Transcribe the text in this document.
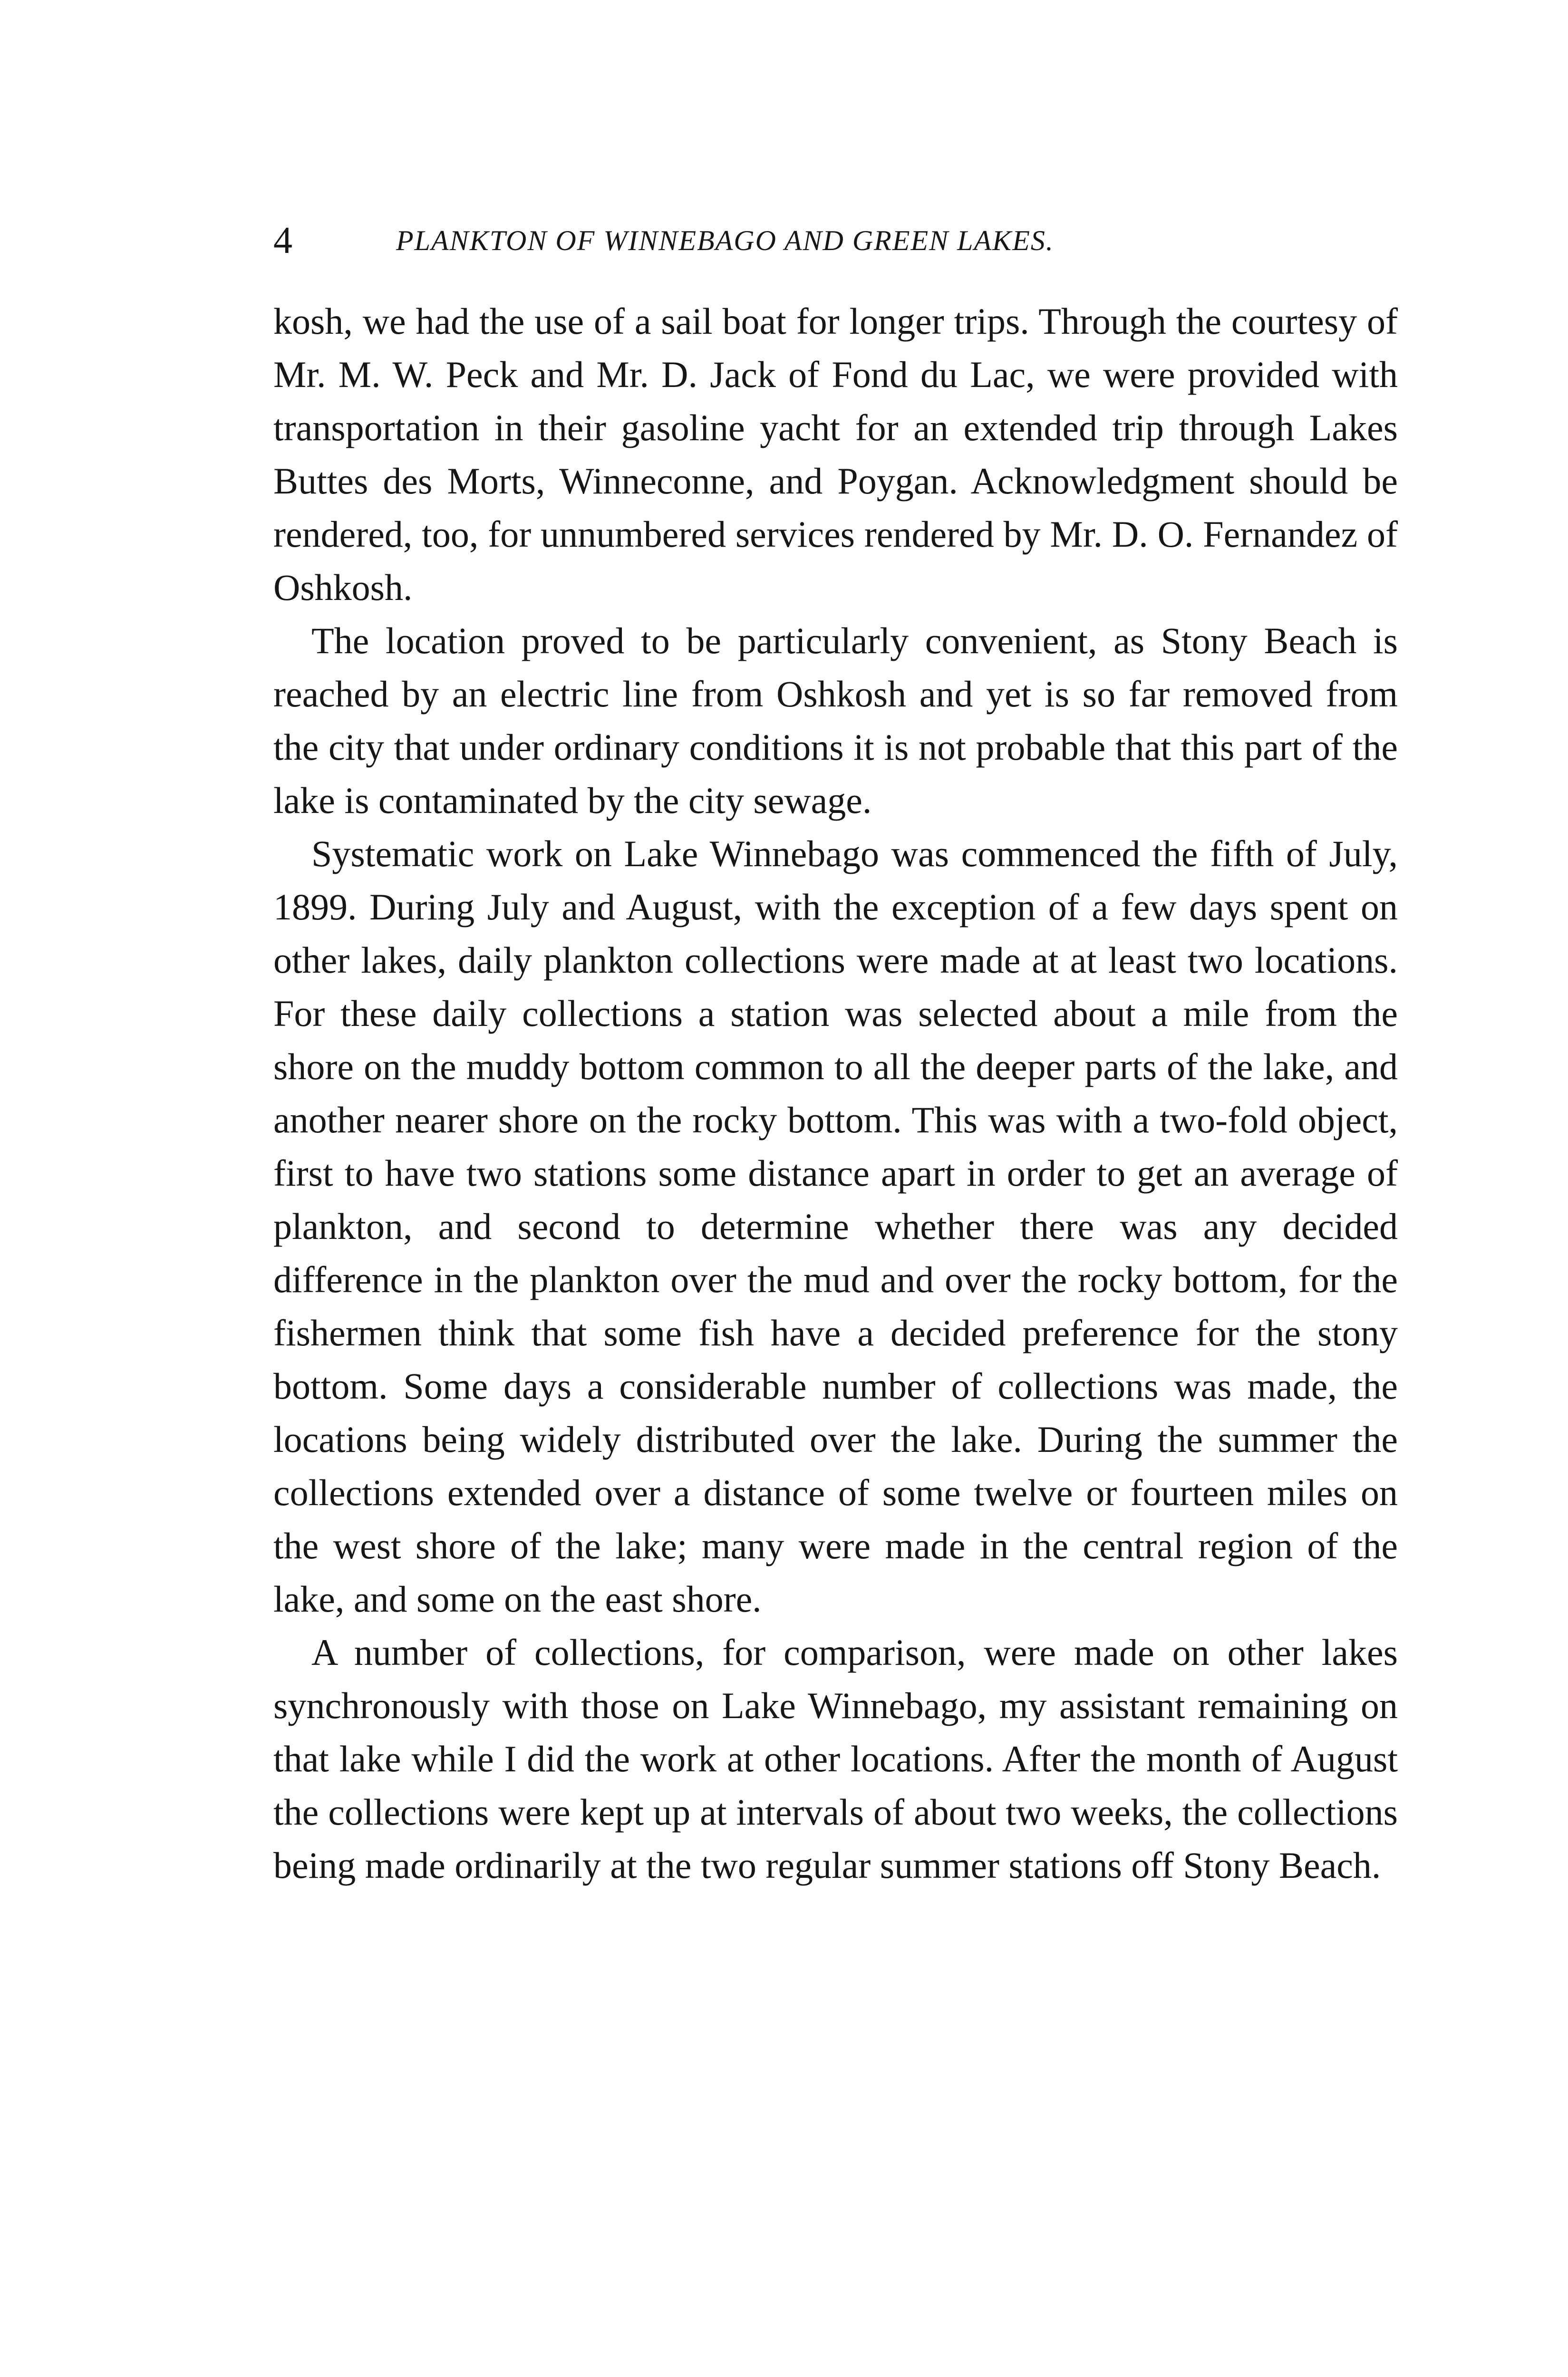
4	PLANKTON OF WINNEBAGO AND GREEN LAKES.

kosh, we had the use of a sail boat for longer trips. Through the courtesy of Mr. M. W. Peck and Mr. D. Jack of Fond du Lac, we were provided with transportation in their gasoline yacht for an extended trip through Lakes Buttes des Morts, Winneconne, and Poygan. Acknowledgment should be rendered, too, for unnumbered services rendered by Mr. D. O. Fernandez of Oshkosh.

The location proved to be particularly convenient, as Stony Beach is reached by an electric line from Oshkosh and yet is so far removed from the city that under ordinary conditions it is not probable that this part of the lake is contaminated by the city sewage.

Systematic work on Lake Winnebago was commenced the fifth of July, 1899. During July and August, with the exception of a few days spent on other lakes, daily plankton collections were made at at least two locations. For these daily collections a station was selected about a mile from the shore on the muddy bottom common to all the deeper parts of the lake, and another nearer shore on the rocky bottom. This was with a two-fold object, first to have two stations some distance apart in order to get an average of plankton, and second to determine whether there was any decided difference in the plankton over the mud and over the rocky bottom, for the fishermen think that some fish have a decided preference for the stony bottom. Some days a considerable number of collections was made, the locations being widely distributed over the lake. During the summer the collections extended over a distance of some twelve or fourteen miles on the west shore of the lake; many were made in the central region of the lake, and some on the east shore.

A number of collections, for comparison, were made on other lakes synchronously with those on Lake Winnebago, my assistant remaining on that lake while I did the work at other locations. After the month of August the collections were kept up at intervals of about two weeks, the collections being made ordinarily at the two regular summer stations off Stony Beach.
